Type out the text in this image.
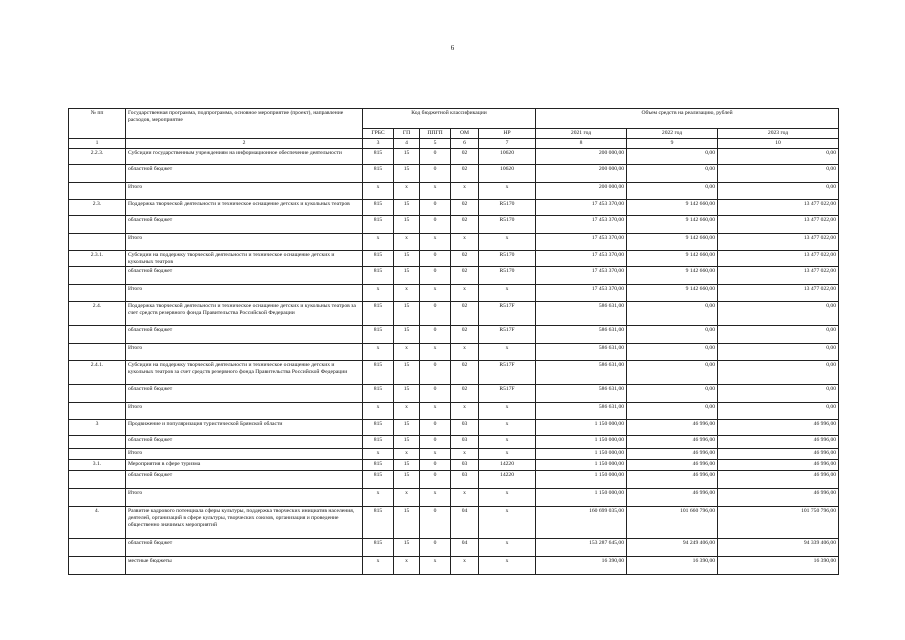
6
№ пп	Государственная программа, подпрограмма, основное мероприятие (проект), направление расходов, мероприятие	Код бюджетной классификации					Объем средств на реализацию, рублей		
		ГРБС	ГП	ППГП	ОМ	НР	2021 год	2022 год	2023 год
1	2	3	4	5	6	7	8	9	10
2.2.3.	Субсидии государственным учреждениям на информационное обеспечение деятельности	815	15	0	02	10620	200 000,00	0,00	0,00
	областной бюджет	815	15	0	02	10620	200 000,00	0,00	0,00
	Итого	х	х	х	х	х	200 000,00	0,00	0,00
2.3.	Поддержка творческой деятельности и техническое оснащение детских и кукольных театров	815	15	0	02	R5170	17 453 370,00	9 142 660,00	13 477 022,00
	областной бюджет	815	15	0	02	R5170	17 453 370,00	9 142 660,00	13 477 022,00
	Итого	х	х	х	х	х	17 453 370,00	9 142 660,00	13 477 022,00
2.3.1.	Субсидии на поддержку творческой деятельности и техническое оснащение детских и кукольных театров	815	15	0	02	R5170	17 453 370,00	9 142 660,00	13 477 022,00
	областной бюджет	815	15	0	02	R5170	17 453 370,00	9 142 660,00	13 477 022,00
	Итого	х	х	х	х	х	17 453 370,00	9 142 660,00	13 477 022,00
2.4.	Поддержка творческой деятельности и техническое оснащение детских и кукольных театров за счет средств резервного фонда Правительства Российской Федерации	815	15	0	02	R517F	586 631,00	0,00	0,00
	областной бюджет	815	15	0	02	R517F	586 631,00	0,00	0,00
	Итого	х	х	х	х	х	586 631,00	0,00	0,00
2.4.1.	Субсидии на поддержку творческой деятельности и техническое оснащение детских и кукольных театров за счет средств резервного фонда Правительства Российской Федерации	815	15	0	02	R517F	586 631,00	0,00	0,00
	областной бюджет	815	15	0	02	R517F	586 631,00	0,00	0,00
	Итого	х	х	х	х	х	586 631,00	0,00	0,00
3	Продвижение и популяризация туристической Брянской области	815	15	0	03	х	1 150 000,00	46 996,00	46 996,00
	областной бюджет	815	15	0	03	х	1 150 000,00	46 996,00	46 996,00
	Итого	х	х	х	х	х	1 150 000,00	46 996,00	46 996,00
3.1.	Мероприятия в сфере туризма	815	15	0	03	14220	1 150 000,00	46 996,00	46 996,00
	областной бюджет	815	15	0	03	14220	1 150 000,00	46 996,00	46 996,00
	Итого	х	х	х	х	х	1 150 000,00	46 996,00	46 996,00
4.	Развитие кадрового потенциала сферы культуры, поддержка творческих инициатив населения, деятелей, организаций в сфере культуры, творческих союзов, организация и проведение общественно значимых мероприятий	815	15	0	04	х	160 699 035,00	101 660 796,00	101 750 796,00
	областной бюджет	815	15	0	04	х	153 287 645,00	94 249 406,00	94 339 406,00
	местные бюджеты	х	х	х	х	х	16 390,00	16 390,00	16 390,00
